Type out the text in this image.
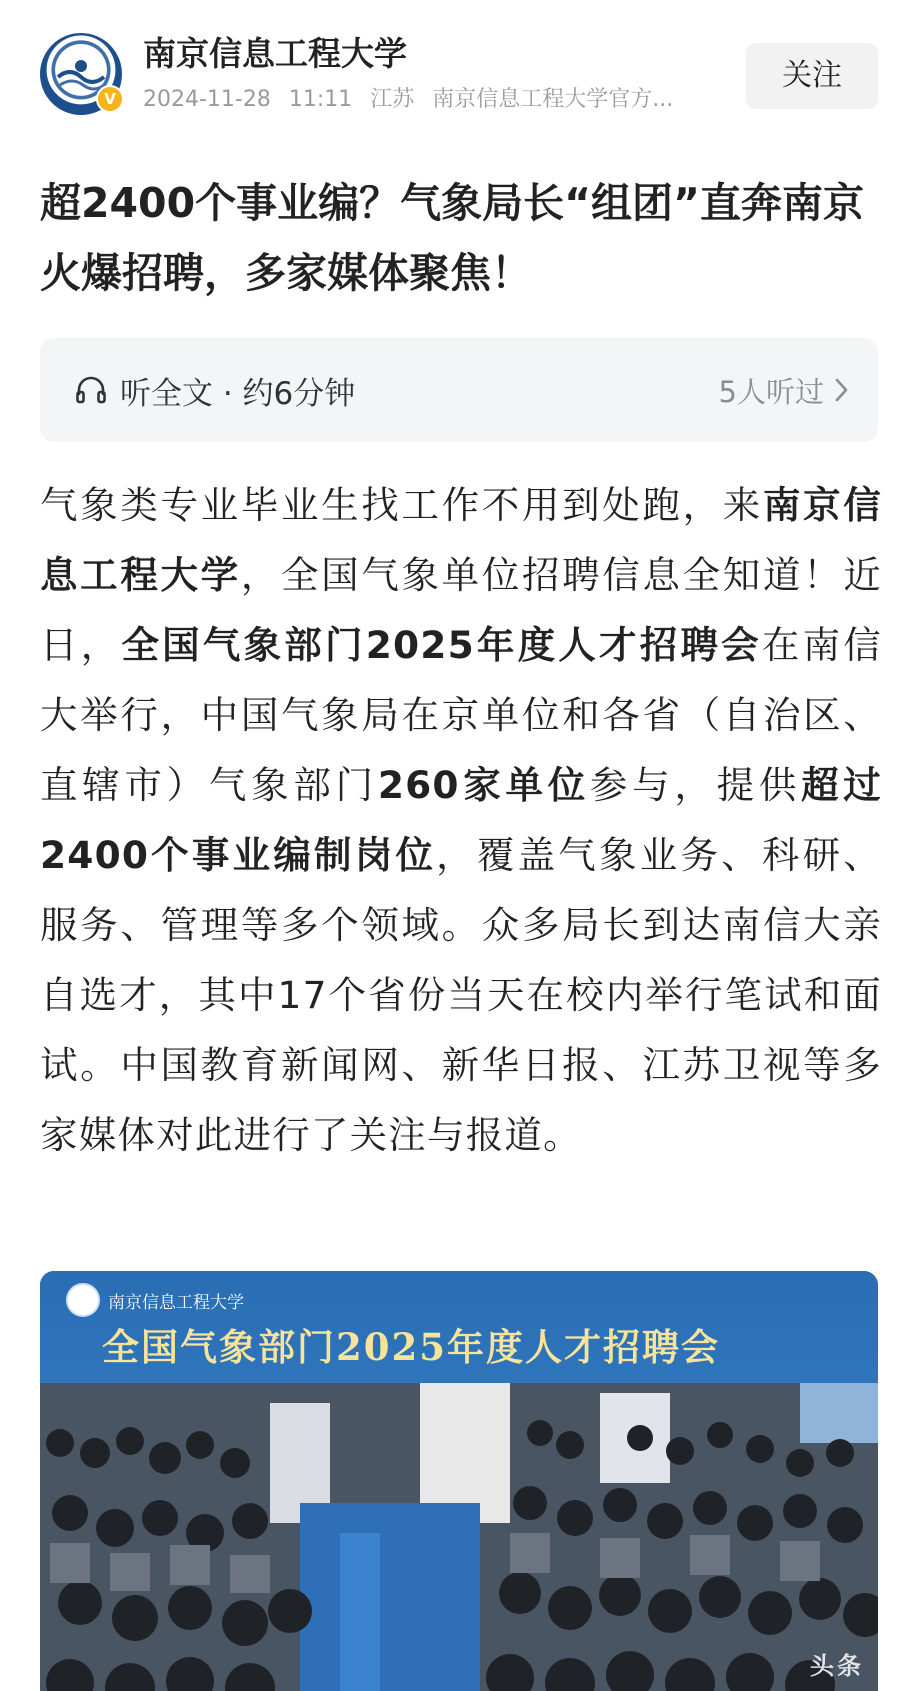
V
南京信息工程大学
2024-11-28 11:11 江苏 南京信息工程大学官方...
关注
超2400个事业编？气象局长“组团”直奔南京火爆招聘，多家媒体聚焦！
听全文 · 约6分钟	5人听过
气象类专业毕业生找工作不用到处跑，来南京信息工程大学，全国气象单位招聘信息全知道！近日，全国气象部门2025年度人才招聘会在南信大举行，中国气象局在京单位和各省（自治区、直辖市）气象部门260家单位参与，提供超过2400个事业编制岗位，覆盖气象业务、科研、服务、管理等多个领域。众多局长到达南信大亲自选才，其中17个省份当天在校内举行笔试和面试。中国教育新闻网、新华日报、江苏卫视等多家媒体对此进行了关注与报道。
南京信息工程大学
全国气象部门2025年度人才招聘会
头条
